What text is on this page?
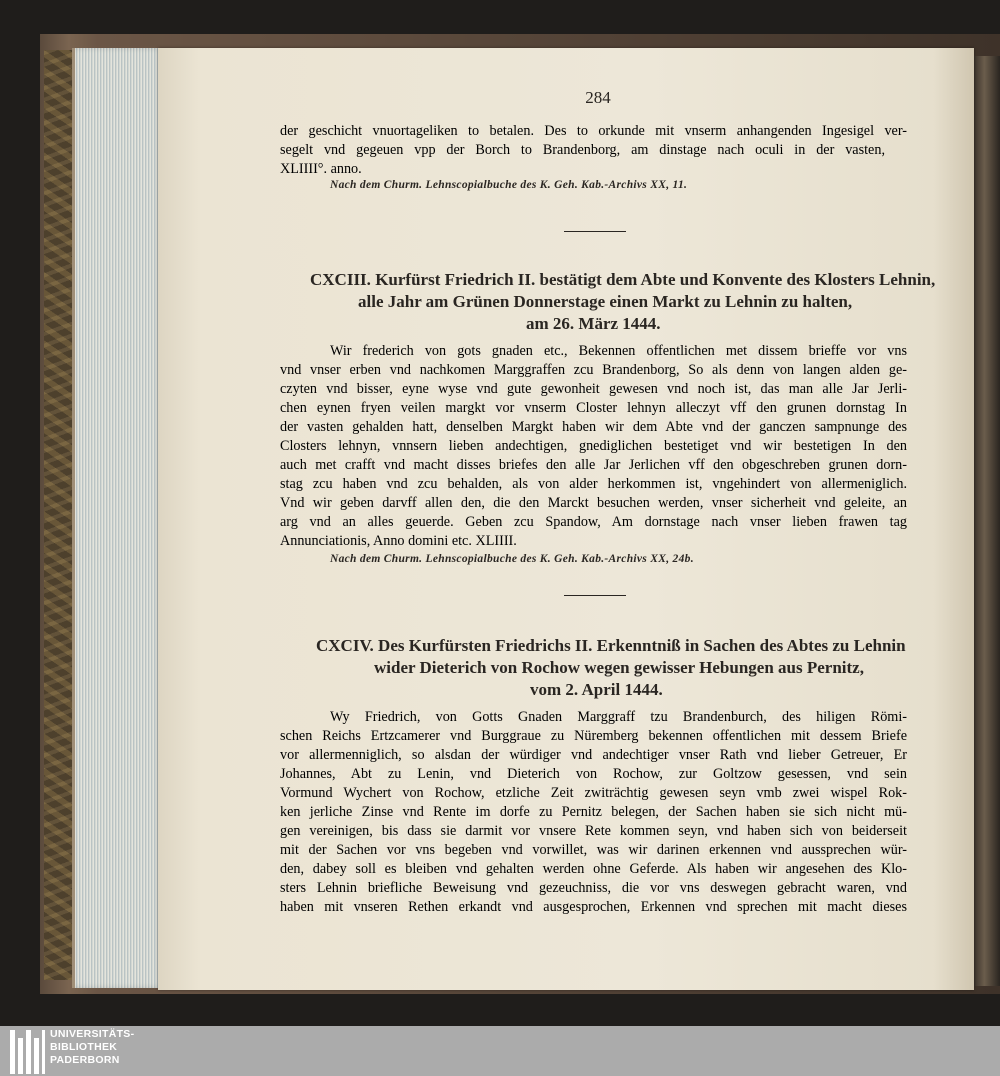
284
der geschicht vnuortageliken to betalen. Des to orkunde mit vnserm anhangenden Ingesigel ver-
segelt vnd gegeuen vpp der Borch to Brandenborg, am dinstage nach oculi in der vasten,
XLIIII°. anno.
Nach dem Churm. Lehnscopialbuche des K. Geh. Kab.-Archivs XX, 11.
CXCIII. Kurfürst Friedrich II. bestätigt dem Abte und Konvente des Klosters Lehnin,
alle Jahr am Grünen Donnerstage einen Markt zu Lehnin zu halten,
am 26. März 1444.
Wir frederich von gots gnaden etc., Bekennen offentlichen met dissem brieffe vor vns
vnd vnser erben vnd nachkomen Marggraffen zcu Brandenborg, So als denn von langen alden ge-
czyten vnd bisser, eyne wyse vnd gute gewonheit gewesen vnd noch ist, das man alle Jar Jerli-
chen eynen fryen veilen margkt vor vnserm Closter lehnyn alleczyt vff den grunen dornstag In
der vasten gehalden hatt, denselben Margkt haben wir dem Abte vnd der ganczen sampnunge des
Closters lehnyn, vnnsern lieben andechtigen, gnediglichen bestetiget vnd wir bestetigen In den
auch met crafft vnd macht disses briefes den alle Jar Jerlichen vff den obgeschreben grunen dorn-
stag zcu haben vnd zcu behalden, als von alder herkommen ist, vngehindert von allermeniglich.
Vnd wir geben darvff allen den, die den Marckt besuchen werden, vnser sicherheit vnd geleite, an
arg vnd an alles geuerde. Geben zcu Spandow, Am dornstage nach vnser lieben frawen tag
Annunciationis, Anno domini etc. XLIIII.
Nach dem Churm. Lehnscopialbuche des K. Geh. Kab.-Archivs XX, 24b.
CXCIV. Des Kurfürsten Friedrichs II. Erkenntniß in Sachen des Abtes zu Lehnin
wider Dieterich von Rochow wegen gewisser Hebungen aus Pernitz,
vom 2. April 1444.
Wy Friedrich, von Gotts Gnaden Marggraff tzu Brandenburch, des hiligen Römi-
schen Reichs Ertzcamerer vnd Burggraue zu Nüremberg bekennen offentlichen mit dessem Briefe
vor allermenniglich, so alsdan der würdiger vnd andechtiger vnser Rath vnd lieber Getreuer, Er
Johannes, Abt zu Lenin, vnd Dieterich von Rochow, zur Goltzow gesessen, vnd sein
Vormund Wychert von Rochow, etzliche Zeit zwiträchtig gewesen seyn vmb zwei wispel Rok-
ken jerliche Zinse vnd Rente im dorfe zu Pernitz belegen, der Sachen haben sie sich nicht mü-
gen vereinigen, bis dass sie darmit vor vnsere Rete kommen seyn, vnd haben sich von beiderseit
mit der Sachen vor vns begeben vnd vorwillet, was wir darinen erkennen vnd aussprechen wür-
den, dabey soll es bleiben vnd gehalten werden ohne Geferde. Als haben wir angesehen des Klo-
sters Lehnin briefliche Beweisung vnd gezeuchniss, die vor vns deswegen gebracht waren, vnd
haben mit vnseren Rethen erkandt vnd ausgesprochen, Erkennen vnd sprechen mit macht dieses
UNIVERSITÄTS-
BIBLIOTHEK
PADERBORN
